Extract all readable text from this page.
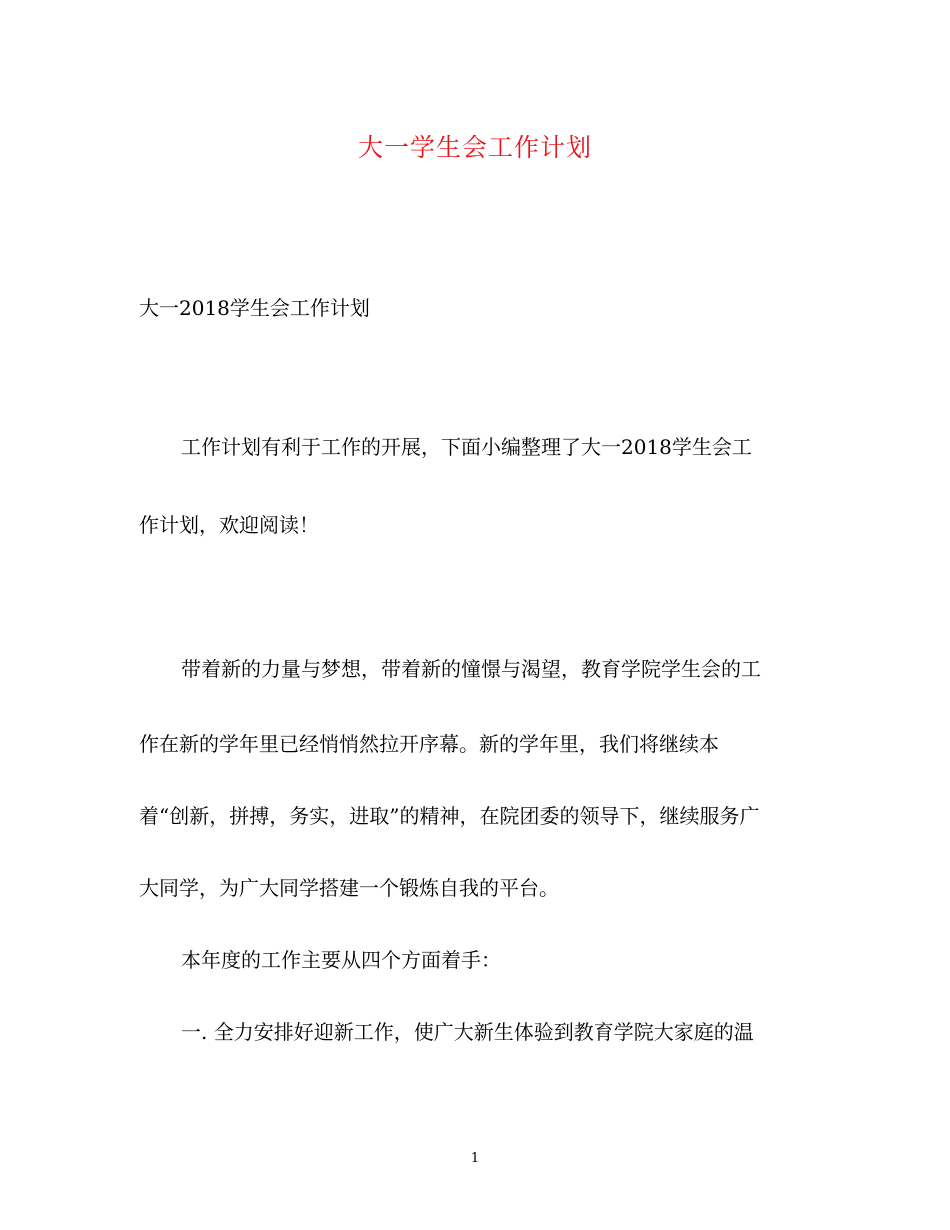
大一学生会工作计划
大一2018学生会工作计划
工作计划有利于工作的开展，下面小编整理了大一2018学生会工
作计划，欢迎阅读！
带着新的力量与梦想，带着新的憧憬与渴望，教育学院学生会的工
作在新的学年里已经悄悄然拉开序幕。新的学年里，我们将继续本
着“创新，拼搏，务实，进取”的精神，在院团委的领导下，继续服务广
大同学，为广大同学搭建一个锻炼自我的平台。
本年度的工作主要从四个方面着手：
一. 全力安排好迎新工作，使广大新生体验到教育学院大家庭的温
1
